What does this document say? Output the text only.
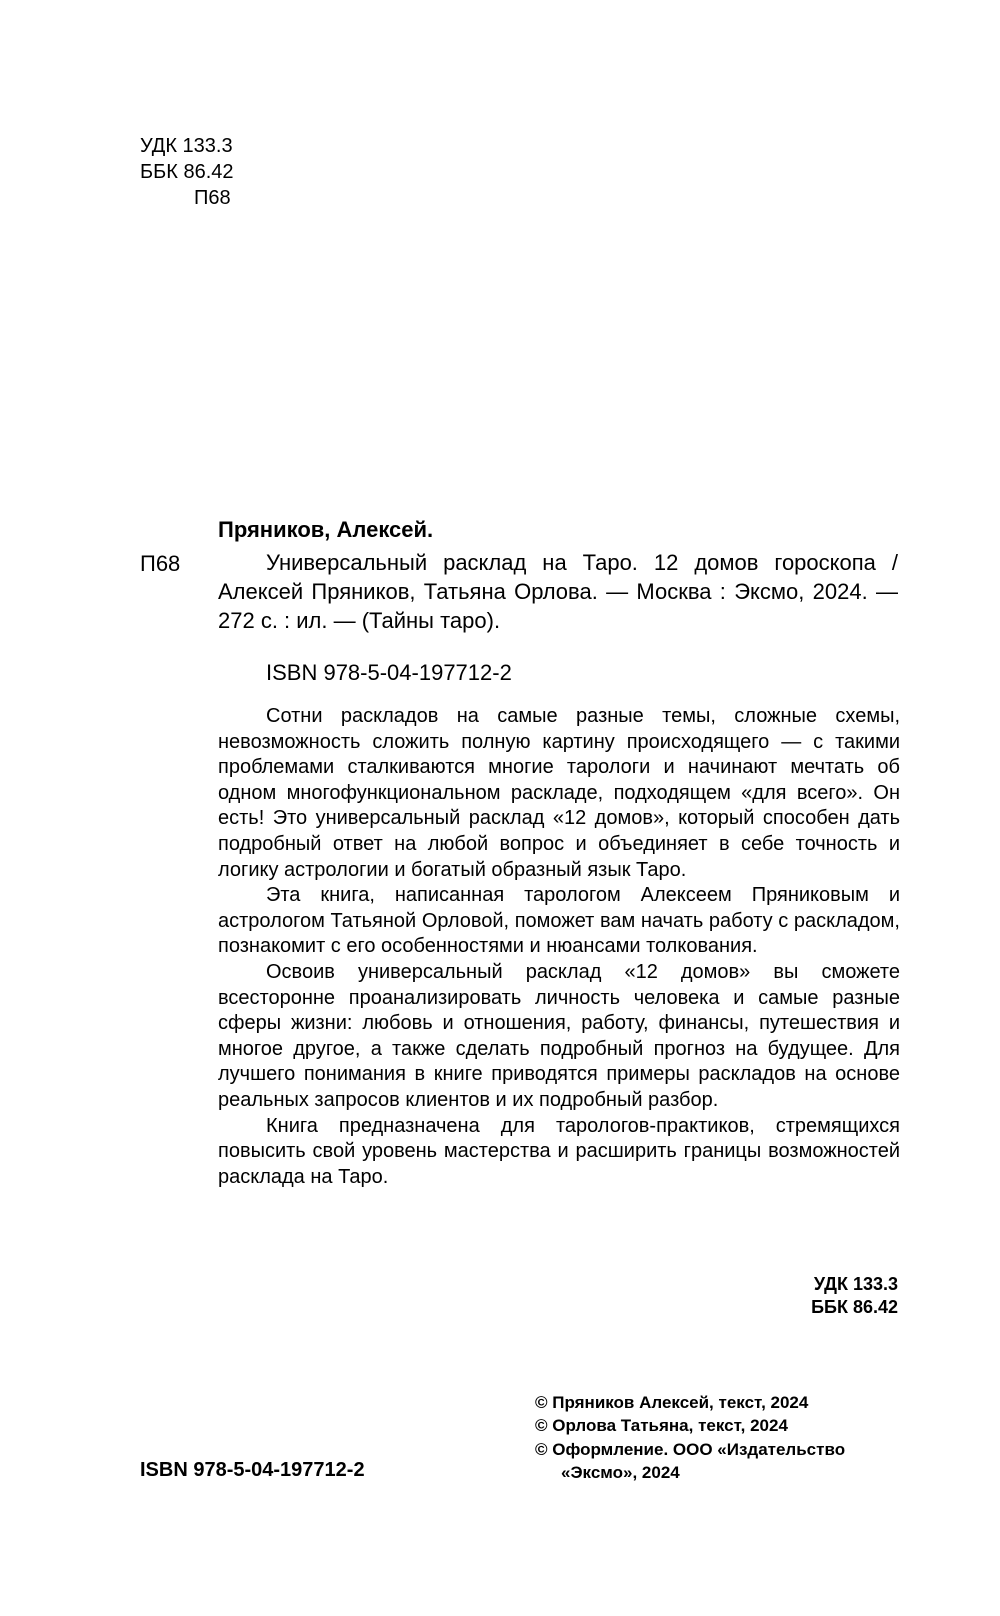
УДК 133.3
ББК 86.42
П68
Пряников, Алексей.
П68	Универсальный расклад на Таро. 12 домов гороскопа / Алексей Пряников, Татьяна Орлова. — Москва : Эксмо, 2024. — 272 с. : ил. — (Тайны таро).

ISBN 978-5-04-197712-2

Сотни раскладов на самые разные темы, сложные схемы, невозможность сложить полную картину происходящего — с такими проблемами сталкиваются многие тарологи и начинают мечтать об одном многофункциональном раскладе, подходящем «для всего». Он есть! Это универсальный расклад «12 домов», который способен дать подробный ответ на любой вопрос и объединяет в себе точность и логику астрологии и богатый образный язык Таро.

Эта книга, написанная тарологом Алексеем Пряниковым и астрологом Татьяной Орловой, поможет вам начать работу с раскладом, познакомит с его особенностями и нюансами толкования.

Освоив универсальный расклад «12 домов» вы сможете всесторонне проанализировать личность человека и самые разные сферы жизни: любовь и отношения, работу, финансы, путешествия и многое другое, а также сделать подробный прогноз на будущее. Для лучшего понимания в книге приводятся примеры раскладов на основе реальных запросов клиентов и их подробный разбор.

Книга предназначена для тарологов-практиков, стремящихся повысить свой уровень мастерства и расширить границы возможностей расклада на Таро.

УДК 133.3
ББК 86.42
© Пряников Алексей, текст, 2024
© Орлова Татьяна, текст, 2024
© Оформление. ООО «Издательство
«Эксмо», 2024
ISBN 978-5-04-197712-2
